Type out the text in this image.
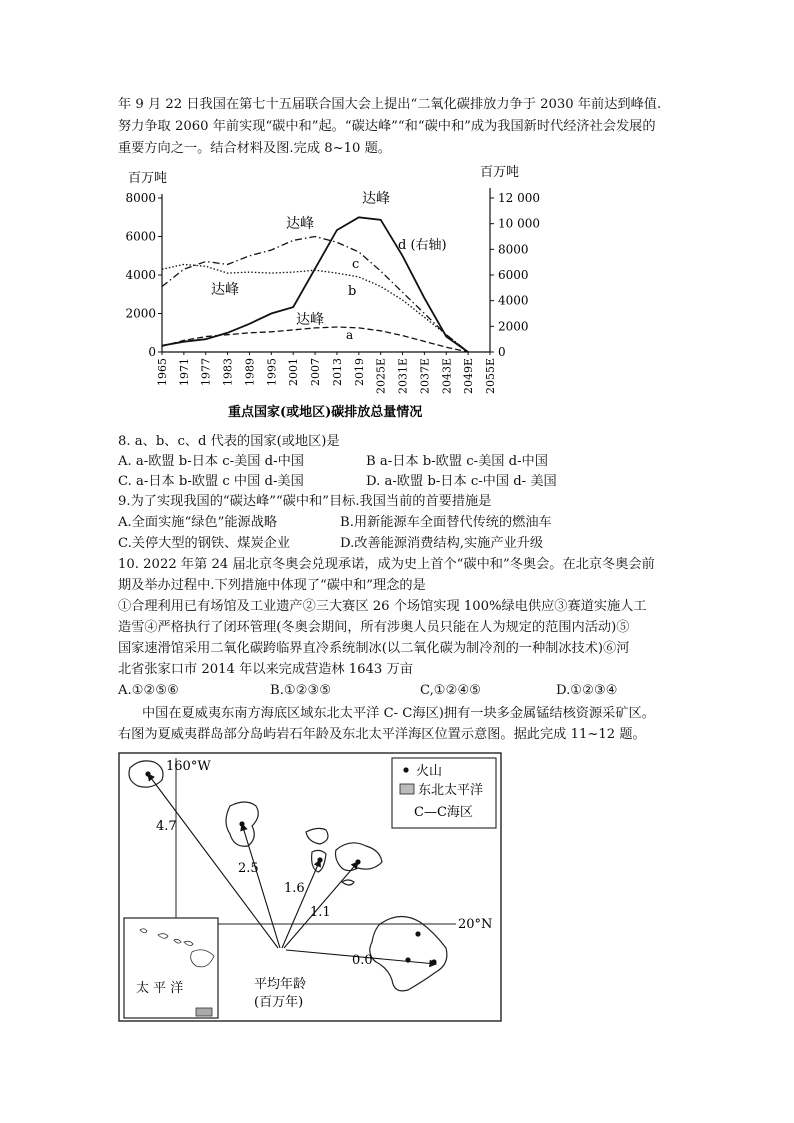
年 9 月 22 日我国在第七十五届联合国大会上提出“二氧化碳排放力争于 2030 年前达到峰值.
努力争取 2060 年前实现“碳中和”起。“碳达峰”“和“碳中和”成为我国新时代经济社会发展的
重要方向之一。结合材料及图.完成 8~10 题。
百万吨	百万吨
0
2000
4000
6000
8000
0
2000
4000
6000
8000
10 000
12 000
1965 1971 1977 1983 1989 1995 2001 2007 2013 2019 2025E 2031E 2037E 2043E 2049E 2055E
达峰
达峰
达峰
达峰
a
b
c
d (右轴)
重点国家(或地区)碳排放总量情况
8. a、b、c、d 代表的国家(或地区)是
A. a-欧盟 b-日本 c-美国 d-中国	B a-日本 b-欧盟 c-美国 d-中国
C. a-日本 b-欧盟 c 中国 d-美国	D. a-欧盟 b-日本 c-中国 d- 美国
9.为了实现我国的“碳达峰”“碳中和”目标.我国当前的首要措施是
A.全面实施“绿色”能源战略	B.用新能源车全面替代传统的燃油车
C.关停大型的钢铁、煤炭企业	D.改善能源消费结构,实施产业升级
10. 2022 年第 24 届北京冬奥会兑现承诺，成为史上首个“碳中和”冬奥会。在北京冬奥会前
期及举办过程中.下列措施中体现了“碳中和”理念的是
①合理利用已有场馆及工业遗产②三大赛区 26 个场馆实现 100%绿电供应③赛道实施人工
造雪④严格执行了闭环管理(冬奥会期间，所有涉奥人员只能在人为规定的范围内活动)⑤
国家速滑馆采用二氧化碳跨临界直冷系统制冰(以二氧化碳为制冷剂的一种制冰技术)⑥河
北省张家口市 2014 年以来完成营造林 1643 万亩
A.①②⑤⑥	B.①②③⑤	C,①②④⑤	D.①②③④
中国在夏威夷东南方海底区域东北太平洋 C- C海区)拥有一块多金属锰结核资源采矿区。
右图为夏威夷群岛部分岛屿岩石年龄及东北太平洋海区位置示意图。据此完成 11~12 题。
太 平 洋
160°W
20°N
4.7
2.5
1.6
1.1
0.0
平均年龄
(百万年)
火山
东北太平洋
C—C海区
